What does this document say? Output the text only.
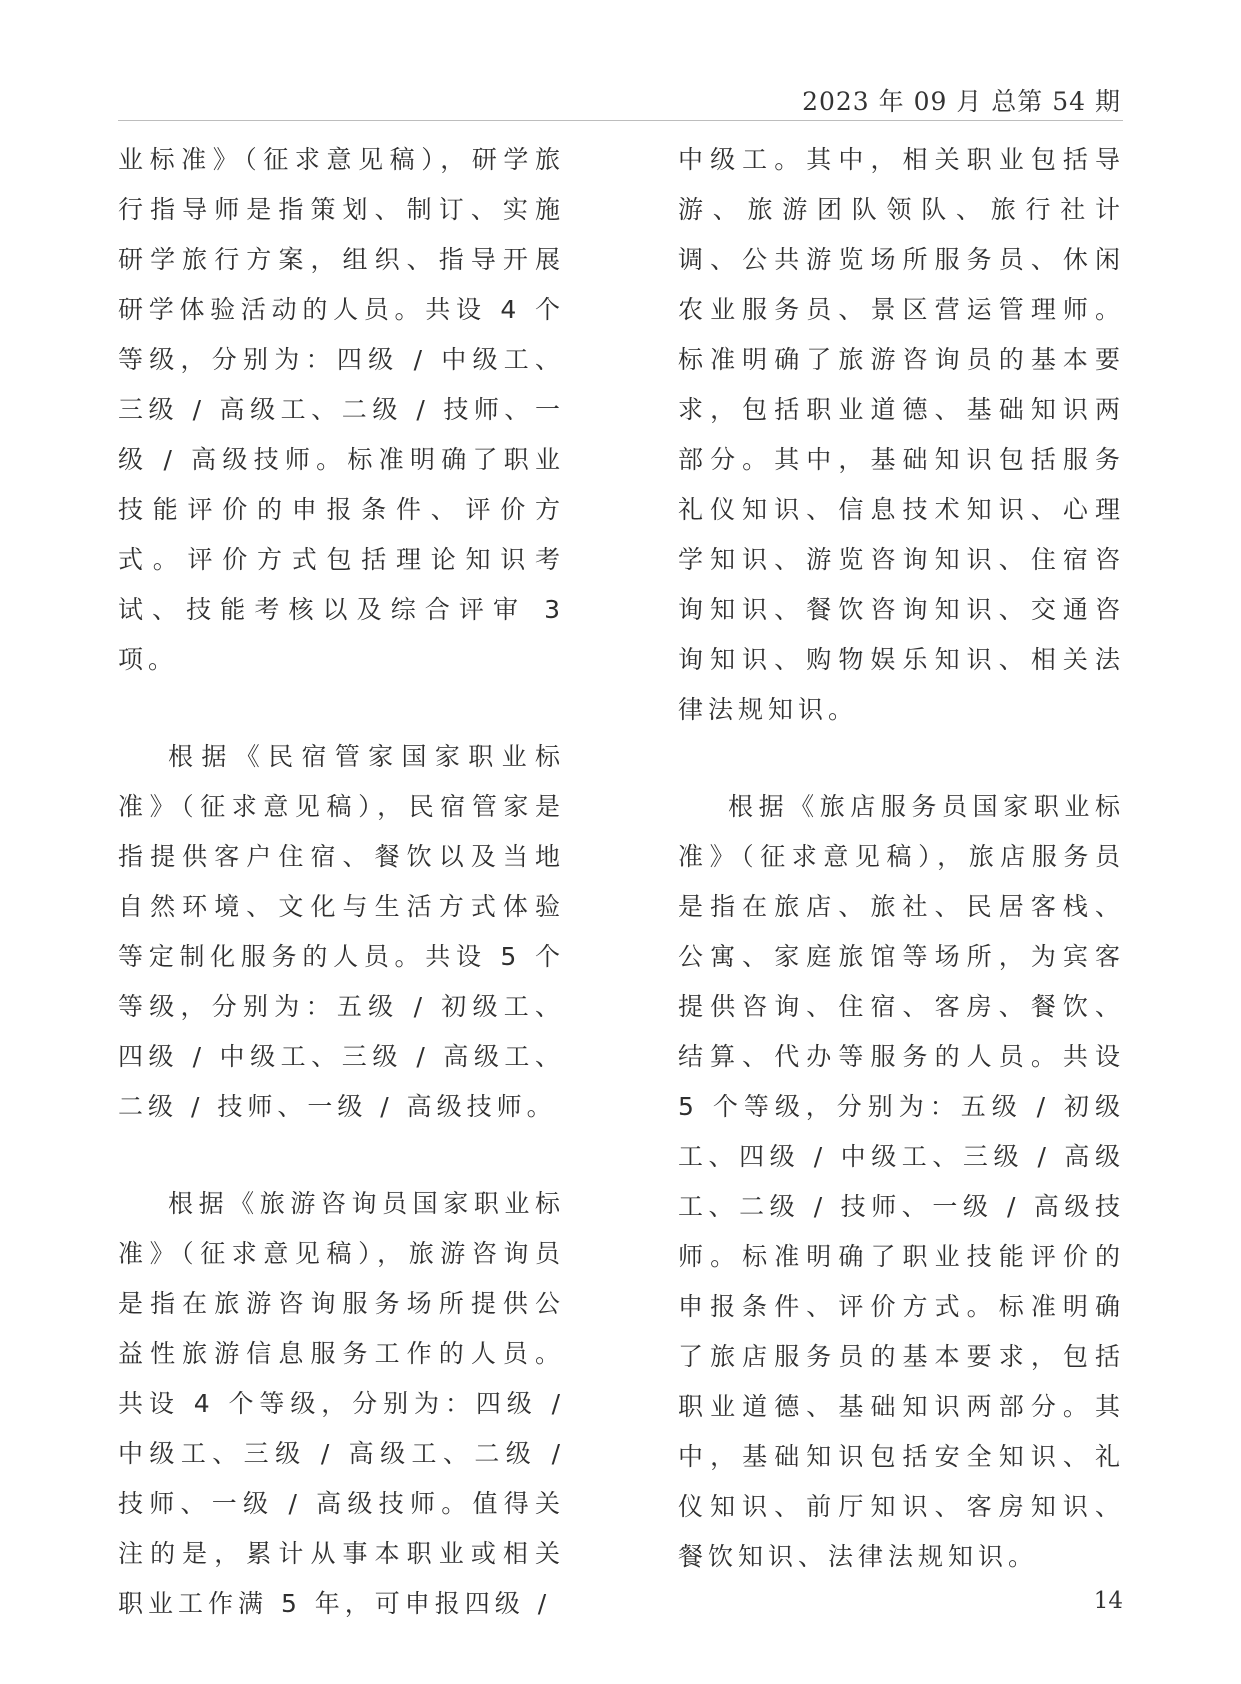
2023 年 09 月 总第 54 期

业标准》（征求意见稿），研学旅行指导师是指策划、制订、实施研学旅行方案，组织、指导开展研学体验活动的人员。共设 4 个等级，分别为：四级 / 中级工、三级 / 高级工、二级 / 技师、一级 / 高级技师。标准明确了职业技能评价的申报条件、评价方式。评价方式包括理论知识考试、技能考核以及综合评审 3 项。

根据《民宿管家国家职业标准》（征求意见稿），民宿管家是指提供客户住宿、餐饮以及当地自然环境、文化与生活方式体验等定制化服务的人员。共设 5 个等级，分别为：五级 / 初级工、四级 / 中级工、三级 / 高级工、二级 / 技师、一级 / 高级技师。

根据《旅游咨询员国家职业标准》（征求意见稿），旅游咨询员是指在旅游咨询服务场所提供公益性旅游信息服务工作的人员。共设 4 个等级，分别为：四级 / 中级工、三级 / 高级工、二级 / 技师、一级 / 高级技师。值得关注的是，累计从事本职业或相关职业工作满 5 年，可申报四级 /

中级工。其中，相关职业包括导游、旅游团队领队、旅行社计调、公共游览场所服务员、休闲农业服务员、景区营运管理师。标准明确了旅游咨询员的基本要求，包括职业道德、基础知识两部分。其中，基础知识包括服务礼仪知识、信息技术知识、心理学知识、游览咨询知识、住宿咨询知识、餐饮咨询知识、交通咨询知识、购物娱乐知识、相关法律法规知识。

根据《旅店服务员国家职业标准》（征求意见稿），旅店服务员是指在旅店、旅社、民居客栈、公寓、家庭旅馆等场所，为宾客提供咨询、住宿、客房、餐饮、结算、代办等服务的人员。共设 5 个等级，分别为：五级 / 初级工、四级 / 中级工、三级 / 高级工、二级 / 技师、一级 / 高级技师。标准明确了职业技能评价的申报条件、评价方式。标准明确了旅店服务员的基本要求，包括职业道德、基础知识两部分。其中，基础知识包括安全知识、礼仪知识、前厅知识、客房知识、餐饮知识、法律法规知识。

14
